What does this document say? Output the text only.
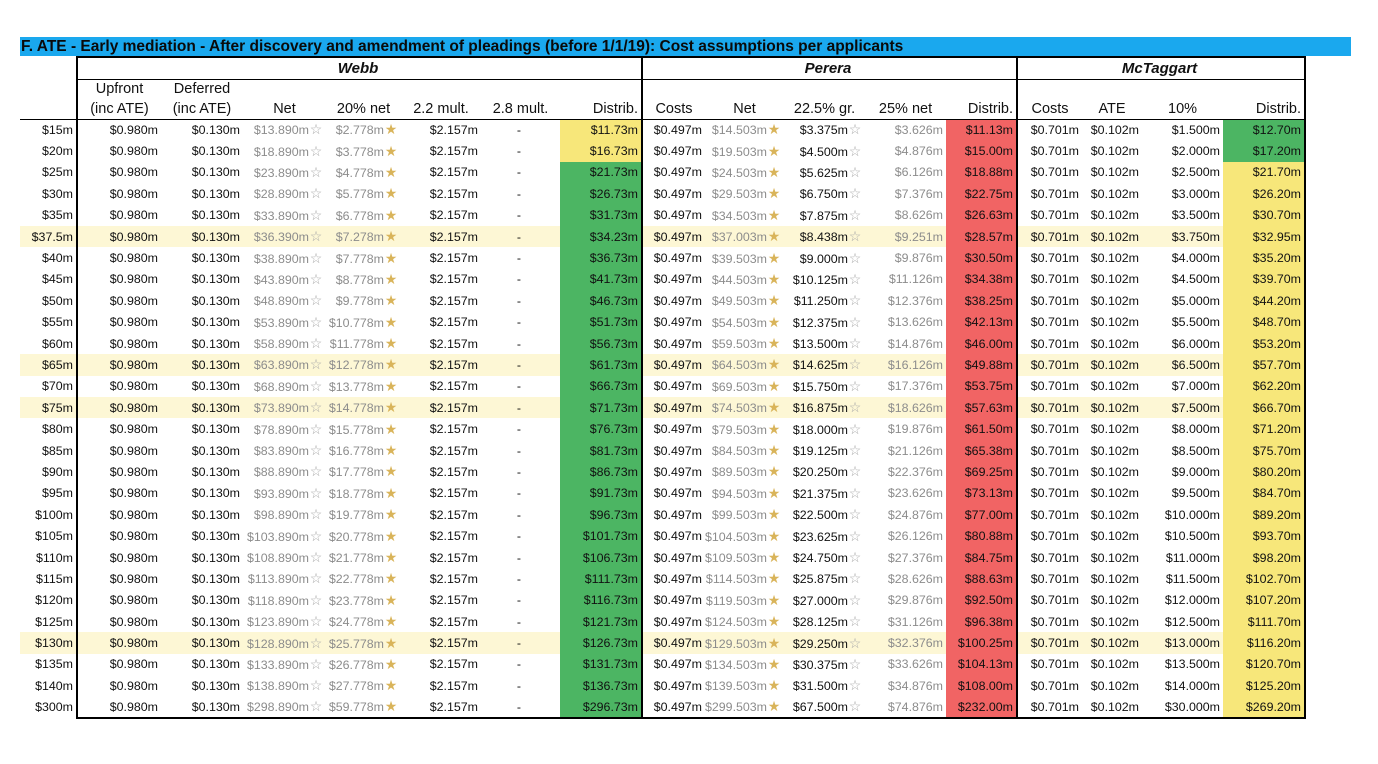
F. ATE - Early mediation - After discovery and amendment of pleadings (before 1/1/19): Cost assumptions per applicants
	Webb							Perera					McTaggart			
	Upfront	Deferred														
	(inc ATE)	(inc ATE)	Net	20% net	2.2 mult.	2.8 mult.	Distrib.	Costs	Net	22.5% gr.	25% net	Distrib.	Costs	ATE	10%	Distrib.
$15m	$0.980m	$0.130m	$13.890m☆	$2.778m★	$2.157m	-	$11.73m	$0.497m	$14.503m★	$3.375m☆	$3.626m	$11.13m	$0.701m	$0.102m	$1.500m	$12.70m
$20m	$0.980m	$0.130m	$18.890m☆	$3.778m★	$2.157m	-	$16.73m	$0.497m	$19.503m★	$4.500m☆	$4.876m	$15.00m	$0.701m	$0.102m	$2.000m	$17.20m
$25m	$0.980m	$0.130m	$23.890m☆	$4.778m★	$2.157m	-	$21.73m	$0.497m	$24.503m★	$5.625m☆	$6.126m	$18.88m	$0.701m	$0.102m	$2.500m	$21.70m
$30m	$0.980m	$0.130m	$28.890m☆	$5.778m★	$2.157m	-	$26.73m	$0.497m	$29.503m★	$6.750m☆	$7.376m	$22.75m	$0.701m	$0.102m	$3.000m	$26.20m
$35m	$0.980m	$0.130m	$33.890m☆	$6.778m★	$2.157m	-	$31.73m	$0.497m	$34.503m★	$7.875m☆	$8.626m	$26.63m	$0.701m	$0.102m	$3.500m	$30.70m
$37.5m	$0.980m	$0.130m	$36.390m☆	$7.278m★	$2.157m	-	$34.23m	$0.497m	$37.003m★	$8.438m☆	$9.251m	$28.57m	$0.701m	$0.102m	$3.750m	$32.95m
$40m	$0.980m	$0.130m	$38.890m☆	$7.778m★	$2.157m	-	$36.73m	$0.497m	$39.503m★	$9.000m☆	$9.876m	$30.50m	$0.701m	$0.102m	$4.000m	$35.20m
$45m	$0.980m	$0.130m	$43.890m☆	$8.778m★	$2.157m	-	$41.73m	$0.497m	$44.503m★	$10.125m☆	$11.126m	$34.38m	$0.701m	$0.102m	$4.500m	$39.70m
$50m	$0.980m	$0.130m	$48.890m☆	$9.778m★	$2.157m	-	$46.73m	$0.497m	$49.503m★	$11.250m☆	$12.376m	$38.25m	$0.701m	$0.102m	$5.000m	$44.20m
$55m	$0.980m	$0.130m	$53.890m☆	$10.778m★	$2.157m	-	$51.73m	$0.497m	$54.503m★	$12.375m☆	$13.626m	$42.13m	$0.701m	$0.102m	$5.500m	$48.70m
$60m	$0.980m	$0.130m	$58.890m☆	$11.778m★	$2.157m	-	$56.73m	$0.497m	$59.503m★	$13.500m☆	$14.876m	$46.00m	$0.701m	$0.102m	$6.000m	$53.20m
$65m	$0.980m	$0.130m	$63.890m☆	$12.778m★	$2.157m	-	$61.73m	$0.497m	$64.503m★	$14.625m☆	$16.126m	$49.88m	$0.701m	$0.102m	$6.500m	$57.70m
$70m	$0.980m	$0.130m	$68.890m☆	$13.778m★	$2.157m	-	$66.73m	$0.497m	$69.503m★	$15.750m☆	$17.376m	$53.75m	$0.701m	$0.102m	$7.000m	$62.20m
$75m	$0.980m	$0.130m	$73.890m☆	$14.778m★	$2.157m	-	$71.73m	$0.497m	$74.503m★	$16.875m☆	$18.626m	$57.63m	$0.701m	$0.102m	$7.500m	$66.70m
$80m	$0.980m	$0.130m	$78.890m☆	$15.778m★	$2.157m	-	$76.73m	$0.497m	$79.503m★	$18.000m☆	$19.876m	$61.50m	$0.701m	$0.102m	$8.000m	$71.20m
$85m	$0.980m	$0.130m	$83.890m☆	$16.778m★	$2.157m	-	$81.73m	$0.497m	$84.503m★	$19.125m☆	$21.126m	$65.38m	$0.701m	$0.102m	$8.500m	$75.70m
$90m	$0.980m	$0.130m	$88.890m☆	$17.778m★	$2.157m	-	$86.73m	$0.497m	$89.503m★	$20.250m☆	$22.376m	$69.25m	$0.701m	$0.102m	$9.000m	$80.20m
$95m	$0.980m	$0.130m	$93.890m☆	$18.778m★	$2.157m	-	$91.73m	$0.497m	$94.503m★	$21.375m☆	$23.626m	$73.13m	$0.701m	$0.102m	$9.500m	$84.70m
$100m	$0.980m	$0.130m	$98.890m☆	$19.778m★	$2.157m	-	$96.73m	$0.497m	$99.503m★	$22.500m☆	$24.876m	$77.00m	$0.701m	$0.102m	$10.000m	$89.20m
$105m	$0.980m	$0.130m	$103.890m☆	$20.778m★	$2.157m	-	$101.73m	$0.497m	$104.503m★	$23.625m☆	$26.126m	$80.88m	$0.701m	$0.102m	$10.500m	$93.70m
$110m	$0.980m	$0.130m	$108.890m☆	$21.778m★	$2.157m	-	$106.73m	$0.497m	$109.503m★	$24.750m☆	$27.376m	$84.75m	$0.701m	$0.102m	$11.000m	$98.20m
$115m	$0.980m	$0.130m	$113.890m☆	$22.778m★	$2.157m	-	$111.73m	$0.497m	$114.503m★	$25.875m☆	$28.626m	$88.63m	$0.701m	$0.102m	$11.500m	$102.70m
$120m	$0.980m	$0.130m	$118.890m☆	$23.778m★	$2.157m	-	$116.73m	$0.497m	$119.503m★	$27.000m☆	$29.876m	$92.50m	$0.701m	$0.102m	$12.000m	$107.20m
$125m	$0.980m	$0.130m	$123.890m☆	$24.778m★	$2.157m	-	$121.73m	$0.497m	$124.503m★	$28.125m☆	$31.126m	$96.38m	$0.701m	$0.102m	$12.500m	$111.70m
$130m	$0.980m	$0.130m	$128.890m☆	$25.778m★	$2.157m	-	$126.73m	$0.497m	$129.503m★	$29.250m☆	$32.376m	$100.25m	$0.701m	$0.102m	$13.000m	$116.20m
$135m	$0.980m	$0.130m	$133.890m☆	$26.778m★	$2.157m	-	$131.73m	$0.497m	$134.503m★	$30.375m☆	$33.626m	$104.13m	$0.701m	$0.102m	$13.500m	$120.70m
$140m	$0.980m	$0.130m	$138.890m☆	$27.778m★	$2.157m	-	$136.73m	$0.497m	$139.503m★	$31.500m☆	$34.876m	$108.00m	$0.701m	$0.102m	$14.000m	$125.20m
$300m	$0.980m	$0.130m	$298.890m☆	$59.778m★	$2.157m	-	$296.73m	$0.497m	$299.503m★	$67.500m☆	$74.876m	$232.00m	$0.701m	$0.102m	$30.000m	$269.20m
